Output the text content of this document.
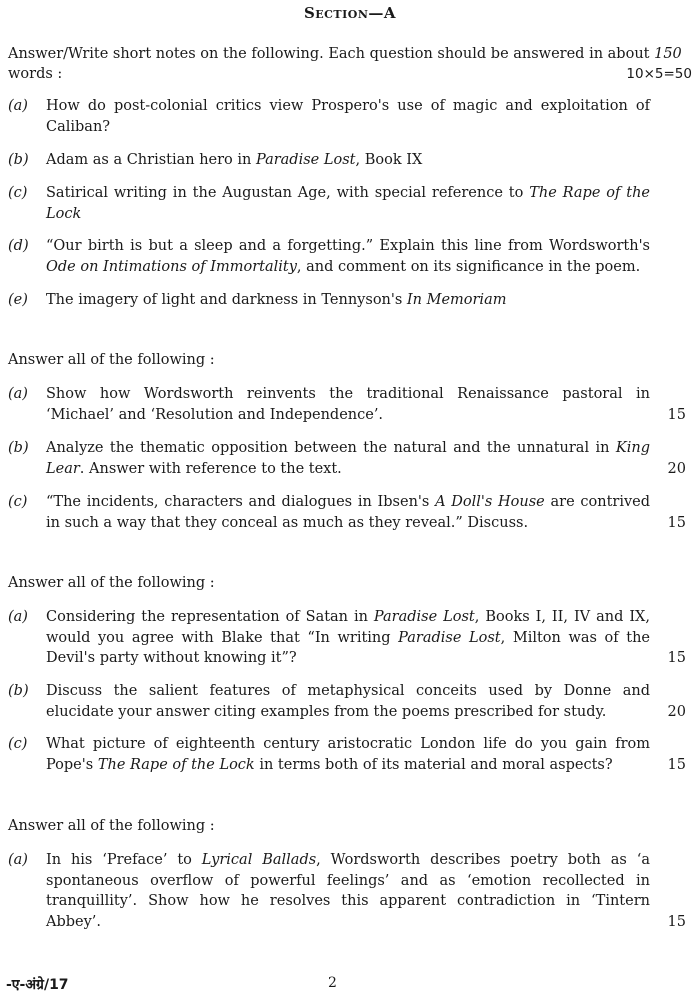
Section—A
Answer/Write short notes on the following. Each question should be answered in about 150 words :	10×5=50
(a)	How do post-colonial critics view Prospero's use of magic and exploitation of Caliban?
(b)	Adam as a Christian hero in Paradise Lost, Book IX
(c)	Satirical writing in the Augustan Age, with special reference to The Rape of the Lock
(d)	“Our birth is but a sleep and a forgetting.” Explain this line from Wordsworth's Ode on Intimations of Immortality, and comment on its significance in the poem.
(e)	The imagery of light and darkness in Tennyson's In Memoriam
Answer all of the following :
(a)	Show how Wordsworth reinvents the traditional Renaissance pastoral in ‘Michael’ and ‘Resolution and Independence’.	15
(b)	Analyze the thematic opposition between the natural and the unnatural in King Lear. Answer with reference to the text.	20
(c)	“The incidents, characters and dialogues in Ibsen's A Doll's House are contrived in such a way that they conceal as much as they reveal.” Discuss.	15
Answer all of the following :
(a)	Considering the representation of Satan in Paradise Lost, Books I, II, IV and IX, would you agree with Blake that “In writing Paradise Lost, Milton was of the Devil's party without knowing it”?	15
(b)	Discuss the salient features of metaphysical conceits used by Donne and elucidate your answer citing examples from the poems prescribed for study.	20
(c)	What picture of eighteenth century aristocratic London life do you gain from Pope's The Rape of the Lock in terms both of its material and moral aspects?	15
Answer all of the following :
(a)	In his ‘Preface’ to Lyrical Ballads, Wordsworth describes poetry both as ‘a spontaneous overflow of powerful feelings’ and as ‘emotion recollected in tranquillity’. Show how he resolves this apparent contradiction in ‘Tintern Abbey’.	15
-ए-अंग्रे/17	2
